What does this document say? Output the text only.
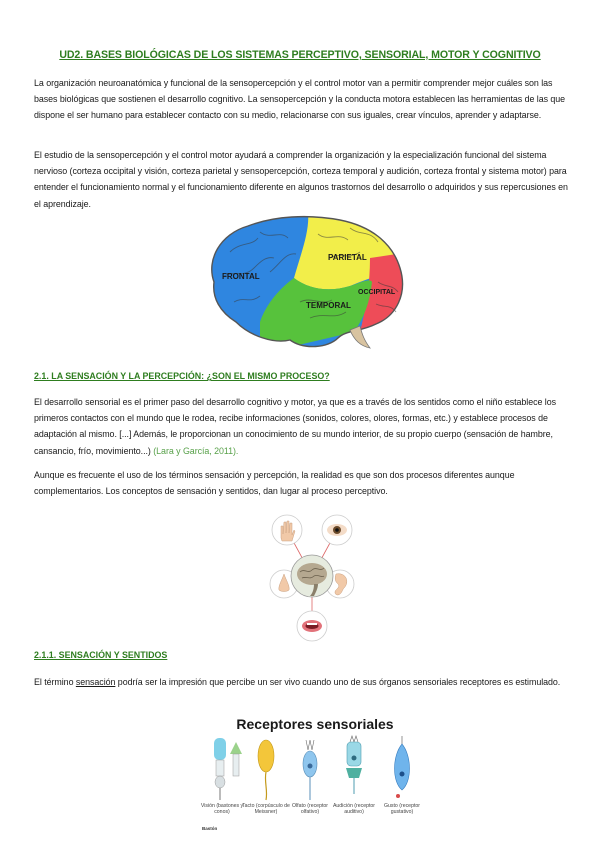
UD2. BASES BIOLÓGICAS DE LOS SISTEMAS PERCEPTIVO, SENSORIAL, MOTOR Y COGNITIVO

La organización neuroanatómica y funcional de la sensopercepción y el control motor van a permitir comprender mejor cuáles son las bases biológicas que sostienen el desarrollo cognitivo. La sensopercepción y la conducta motora establecen las herramientas de las que dispone el ser humano para establecer contacto con su medio, relacionarse con sus iguales, crear vínculos, aprender y adaptarse.

El estudio de la sensopercepción y el control motor ayudará a comprender la organización y la especialización funcional del sistema nervioso (corteza occipital y visión, corteza parietal y sensopercepción, corteza temporal y audición, corteza frontal y sistema motor) para entender el funcionamiento normal y el funcionamiento diferente en algunos trastornos del desarrollo o adquiridos y sus repercusiones en el aprendizaje.

FRONTAL
PARIETAL
TEMPORAL
OCCIPITAL
2.1. LA SENSACIÓN Y LA PERCEPCIÓN: ¿SON EL MISMO PROCESO?

El desarrollo sensorial es el primer paso del desarrollo cognitivo y motor, ya que es a través de los sentidos como el niño establece los primeros contactos con el mundo que le rodea, recibe informaciones (sonidos, colores, olores, formas, etc.) y establece procesos de adaptación al mismo. [...] Además, le proporcionan un conocimiento de su mundo interior, de su propio cuerpo (sensación de hambre, cansancio, frío, movimiento...) (Lara y García, 2011).

Aunque es frecuente el uso de los términos sensación y percepción, la realidad es que son dos procesos diferentes aunque complementarios. Los conceptos de sensación y sentidos, dan lugar al proceso perceptivo.

2.1.1. SENSACIÓN Y SENTIDOS

El término sensación podría ser la impresión que percibe un ser vivo cuando uno de sus órganos sensoriales receptores es estimulado.

Receptores sensoriales
Visión (bastones y conos)
Tacto (corpúsculo de Meissner)
Olfato (receptor olfativo)
Audición (receptor auditivo)
Gusto (receptor gustativo)
Bastón
